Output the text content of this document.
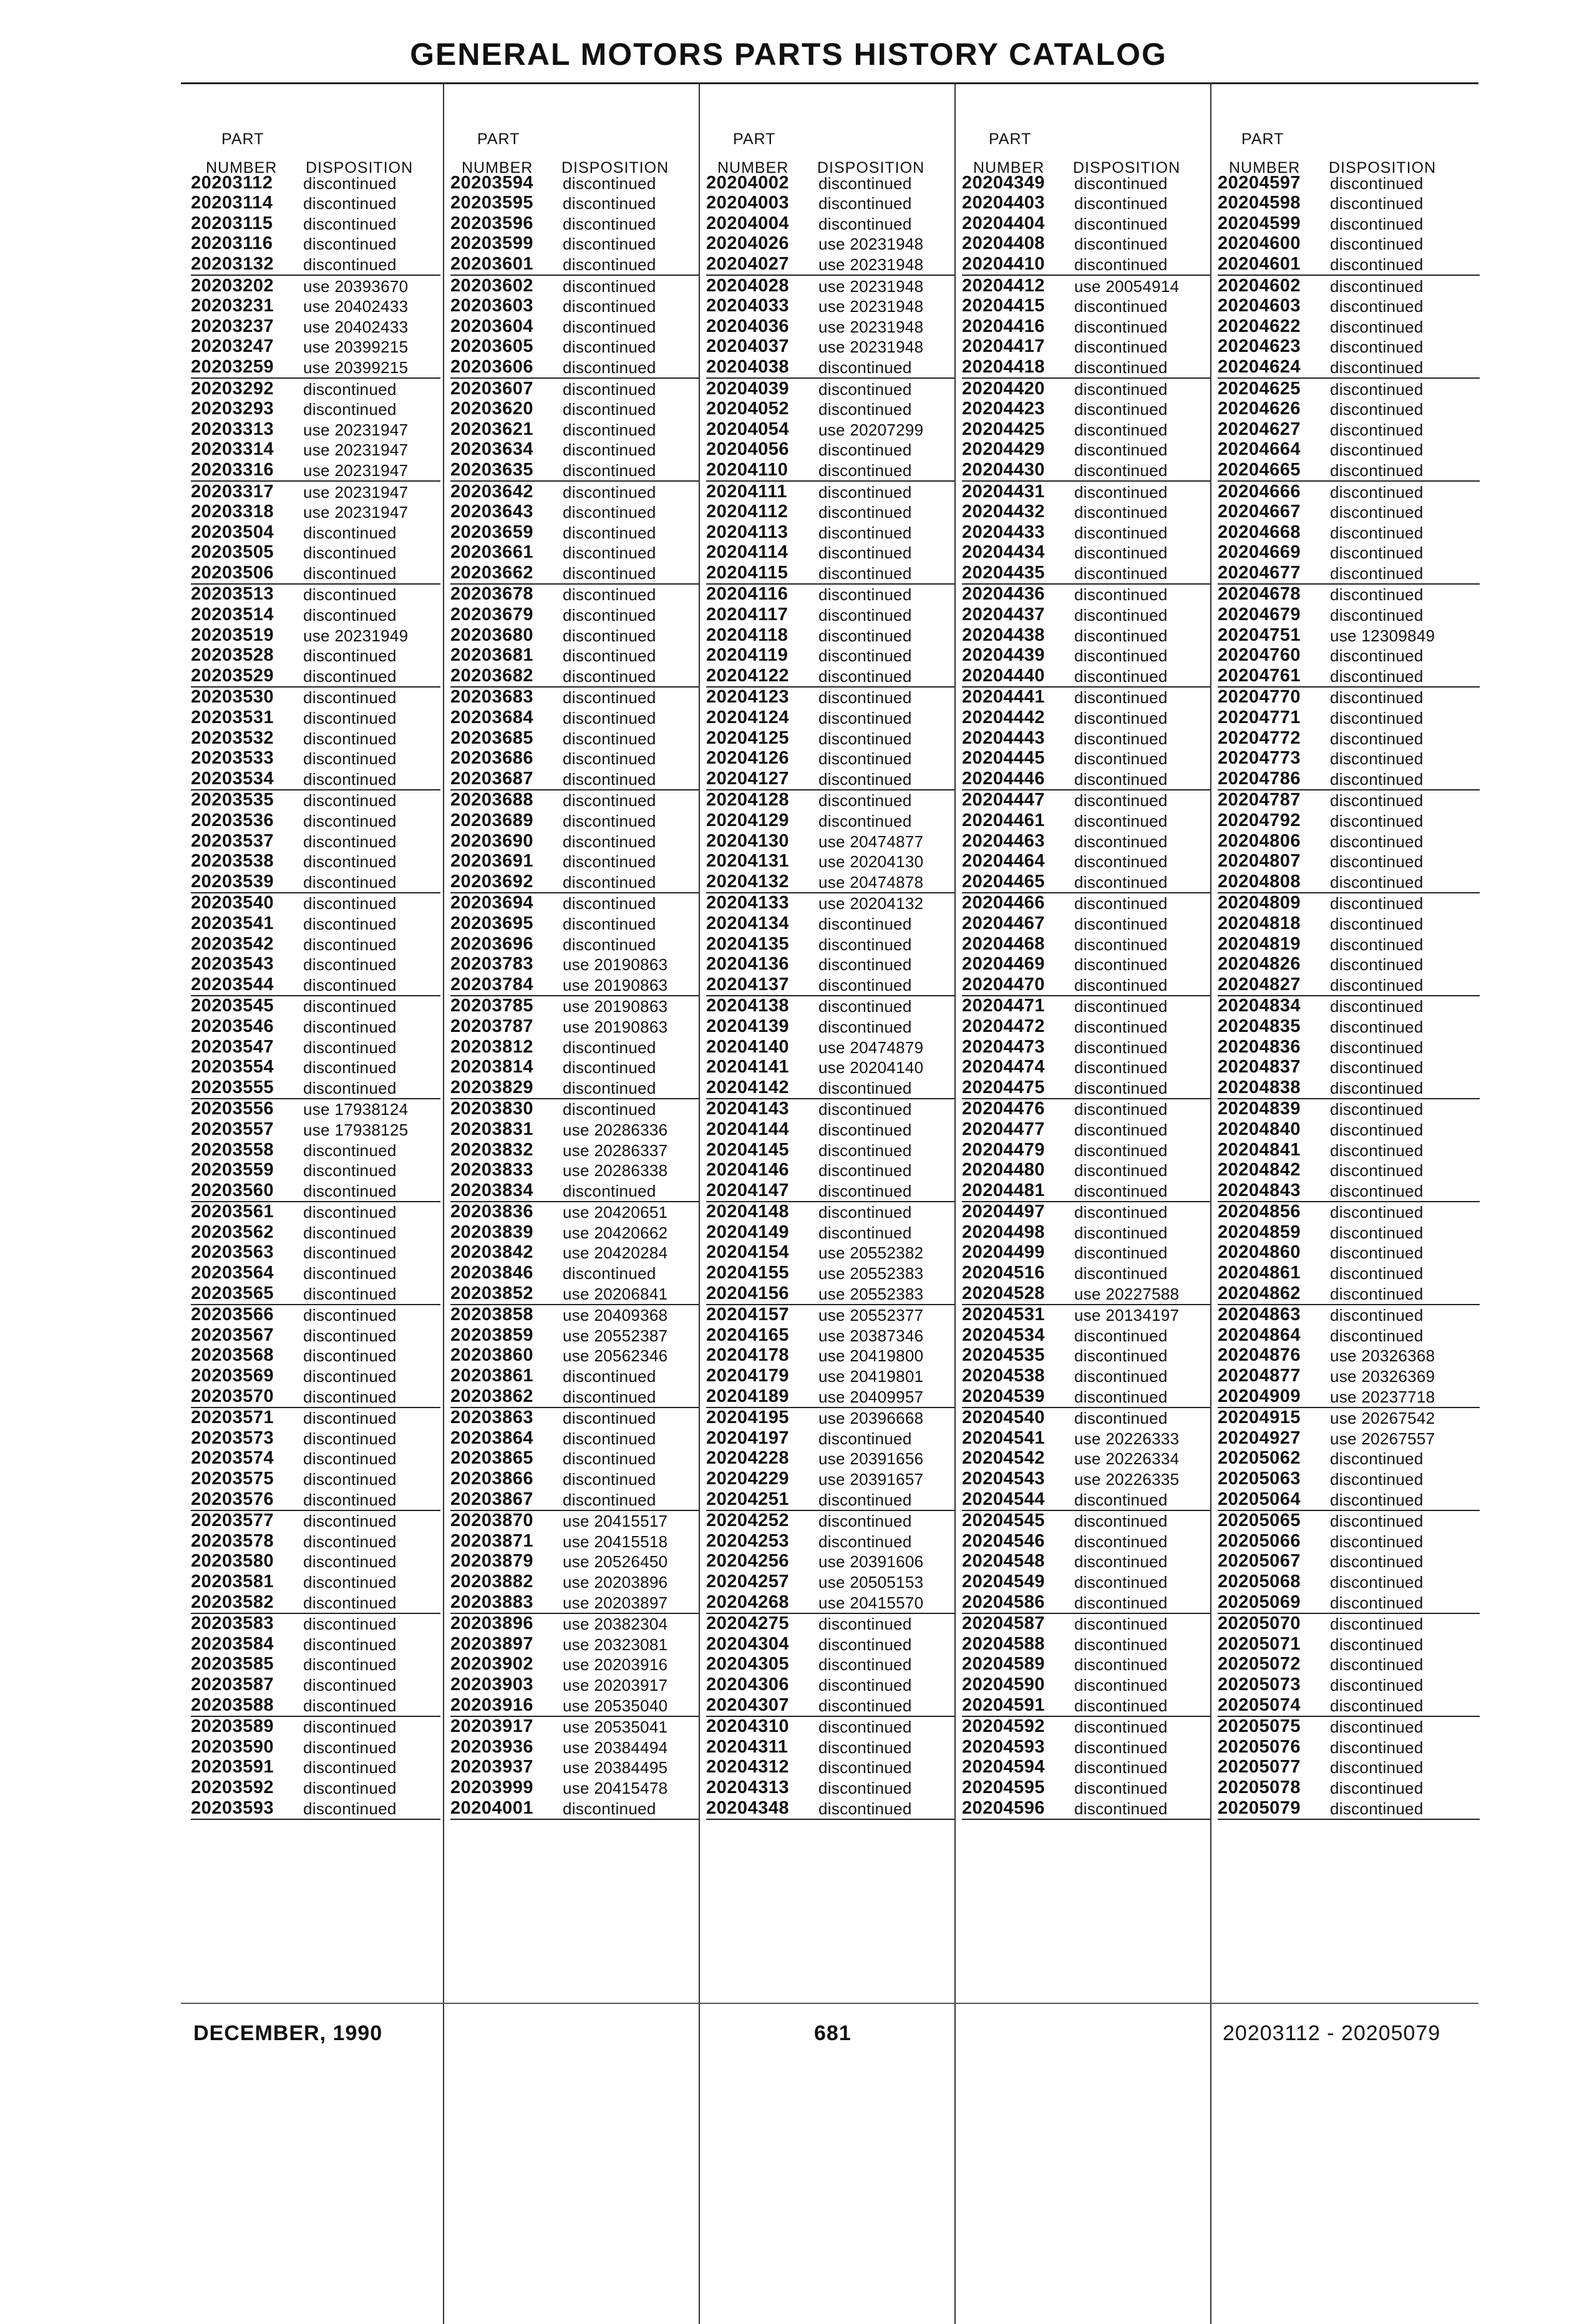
GENERAL MOTORS PARTS HISTORY CATALOG
PART
NUMBER DISPOSITION
20203112	discontinued
20203114	discontinued
20203115	discontinued
20203116	discontinued
20203132	discontinued
20203202	use 20393670
20203231	use 20402433
20203237	use 20402433
20203247	use 20399215
20203259	use 20399215
20203292	discontinued
20203293	discontinued
20203313	use 20231947
20203314	use 20231947
20203316	use 20231947
20203317	use 20231947
20203318	use 20231947
20203504	discontinued
20203505	discontinued
20203506	discontinued
20203513	discontinued
20203514	discontinued
20203519	use 20231949
20203528	discontinued
20203529	discontinued
20203530	discontinued
20203531	discontinued
20203532	discontinued
20203533	discontinued
20203534	discontinued
20203535	discontinued
20203536	discontinued
20203537	discontinued
20203538	discontinued
20203539	discontinued
20203540	discontinued
20203541	discontinued
20203542	discontinued
20203543	discontinued
20203544	discontinued
20203545	discontinued
20203546	discontinued
20203547	discontinued
20203554	discontinued
20203555	discontinued
20203556	use 17938124
20203557	use 17938125
20203558	discontinued
20203559	discontinued
20203560	discontinued
20203561	discontinued
20203562	discontinued
20203563	discontinued
20203564	discontinued
20203565	discontinued
20203566	discontinued
20203567	discontinued
20203568	discontinued
20203569	discontinued
20203570	discontinued
20203571	discontinued
20203573	discontinued
20203574	discontinued
20203575	discontinued
20203576	discontinued
20203577	discontinued
20203578	discontinued
20203580	discontinued
20203581	discontinued
20203582	discontinued
20203583	discontinued
20203584	discontinued
20203585	discontinued
20203587	discontinued
20203588	discontinued
20203589	discontinued
20203590	discontinued
20203591	discontinued
20203592	discontinued
20203593	discontinued
PART
NUMBER DISPOSITION
20203594	discontinued
20203595	discontinued
20203596	discontinued
20203599	discontinued
20203601	discontinued
20203602	discontinued
20203603	discontinued
20203604	discontinued
20203605	discontinued
20203606	discontinued
20203607	discontinued
20203620	discontinued
20203621	discontinued
20203634	discontinued
20203635	discontinued
20203642	discontinued
20203643	discontinued
20203659	discontinued
20203661	discontinued
20203662	discontinued
20203678	discontinued
20203679	discontinued
20203680	discontinued
20203681	discontinued
20203682	discontinued
20203683	discontinued
20203684	discontinued
20203685	discontinued
20203686	discontinued
20203687	discontinued
20203688	discontinued
20203689	discontinued
20203690	discontinued
20203691	discontinued
20203692	discontinued
20203694	discontinued
20203695	discontinued
20203696	discontinued
20203783	use 20190863
20203784	use 20190863
20203785	use 20190863
20203787	use 20190863
20203812	discontinued
20203814	discontinued
20203829	discontinued
20203830	discontinued
20203831	use 20286336
20203832	use 20286337
20203833	use 20286338
20203834	discontinued
20203836	use 20420651
20203839	use 20420662
20203842	use 20420284
20203846	discontinued
20203852	use 20206841
20203858	use 20409368
20203859	use 20552387
20203860	use 20562346
20203861	discontinued
20203862	discontinued
20203863	discontinued
20203864	discontinued
20203865	discontinued
20203866	discontinued
20203867	discontinued
20203870	use 20415517
20203871	use 20415518
20203879	use 20526450
20203882	use 20203896
20203883	use 20203897
20203896	use 20382304
20203897	use 20323081
20203902	use 20203916
20203903	use 20203917
20203916	use 20535040
20203917	use 20535041
20203936	use 20384494
20203937	use 20384495
20203999	use 20415478
20204001	discontinued
PART
NUMBER DISPOSITION
20204002	discontinued
20204003	discontinued
20204004	discontinued
20204026	use 20231948
20204027	use 20231948
20204028	use 20231948
20204033	use 20231948
20204036	use 20231948
20204037	use 20231948
20204038	discontinued
20204039	discontinued
20204052	discontinued
20204054	use 20207299
20204056	discontinued
20204110	discontinued
20204111	discontinued
20204112	discontinued
20204113	discontinued
20204114	discontinued
20204115	discontinued
20204116	discontinued
20204117	discontinued
20204118	discontinued
20204119	discontinued
20204122	discontinued
20204123	discontinued
20204124	discontinued
20204125	discontinued
20204126	discontinued
20204127	discontinued
20204128	discontinued
20204129	discontinued
20204130	use 20474877
20204131	use 20204130
20204132	use 20474878
20204133	use 20204132
20204134	discontinued
20204135	discontinued
20204136	discontinued
20204137	discontinued
20204138	discontinued
20204139	discontinued
20204140	use 20474879
20204141	use 20204140
20204142	discontinued
20204143	discontinued
20204144	discontinued
20204145	discontinued
20204146	discontinued
20204147	discontinued
20204148	discontinued
20204149	discontinued
20204154	use 20552382
20204155	use 20552383
20204156	use 20552383
20204157	use 20552377
20204165	use 20387346
20204178	use 20419800
20204179	use 20419801
20204189	use 20409957
20204195	use 20396668
20204197	discontinued
20204228	use 20391656
20204229	use 20391657
20204251	discontinued
20204252	discontinued
20204253	discontinued
20204256	use 20391606
20204257	use 20505153
20204268	use 20415570
20204275	discontinued
20204304	discontinued
20204305	discontinued
20204306	discontinued
20204307	discontinued
20204310	discontinued
20204311	discontinued
20204312	discontinued
20204313	discontinued
20204348	discontinued
PART
NUMBER DISPOSITION
20204349	discontinued
20204403	discontinued
20204404	discontinued
20204408	discontinued
20204410	discontinued
20204412	use 20054914
20204415	discontinued
20204416	discontinued
20204417	discontinued
20204418	discontinued
20204420	discontinued
20204423	discontinued
20204425	discontinued
20204429	discontinued
20204430	discontinued
20204431	discontinued
20204432	discontinued
20204433	discontinued
20204434	discontinued
20204435	discontinued
20204436	discontinued
20204437	discontinued
20204438	discontinued
20204439	discontinued
20204440	discontinued
20204441	discontinued
20204442	discontinued
20204443	discontinued
20204445	discontinued
20204446	discontinued
20204447	discontinued
20204461	discontinued
20204463	discontinued
20204464	discontinued
20204465	discontinued
20204466	discontinued
20204467	discontinued
20204468	discontinued
20204469	discontinued
20204470	discontinued
20204471	discontinued
20204472	discontinued
20204473	discontinued
20204474	discontinued
20204475	discontinued
20204476	discontinued
20204477	discontinued
20204479	discontinued
20204480	discontinued
20204481	discontinued
20204497	discontinued
20204498	discontinued
20204499	discontinued
20204516	discontinued
20204528	use 20227588
20204531	use 20134197
20204534	discontinued
20204535	discontinued
20204538	discontinued
20204539	discontinued
20204540	discontinued
20204541	use 20226333
20204542	use 20226334
20204543	use 20226335
20204544	discontinued
20204545	discontinued
20204546	discontinued
20204548	discontinued
20204549	discontinued
20204586	discontinued
20204587	discontinued
20204588	discontinued
20204589	discontinued
20204590	discontinued
20204591	discontinued
20204592	discontinued
20204593	discontinued
20204594	discontinued
20204595	discontinued
20204596	discontinued
PART
NUMBER DISPOSITION
20204597	discontinued
20204598	discontinued
20204599	discontinued
20204600	discontinued
20204601	discontinued
20204602	discontinued
20204603	discontinued
20204622	discontinued
20204623	discontinued
20204624	discontinued
20204625	discontinued
20204626	discontinued
20204627	discontinued
20204664	discontinued
20204665	discontinued
20204666	discontinued
20204667	discontinued
20204668	discontinued
20204669	discontinued
20204677	discontinued
20204678	discontinued
20204679	discontinued
20204751	use 12309849
20204760	discontinued
20204761	discontinued
20204770	discontinued
20204771	discontinued
20204772	discontinued
20204773	discontinued
20204786	discontinued
20204787	discontinued
20204792	discontinued
20204806	discontinued
20204807	discontinued
20204808	discontinued
20204809	discontinued
20204818	discontinued
20204819	discontinued
20204826	discontinued
20204827	discontinued
20204834	discontinued
20204835	discontinued
20204836	discontinued
20204837	discontinued
20204838	discontinued
20204839	discontinued
20204840	discontinued
20204841	discontinued
20204842	discontinued
20204843	discontinued
20204856	discontinued
20204859	discontinued
20204860	discontinued
20204861	discontinued
20204862	discontinued
20204863	discontinued
20204864	discontinued
20204876	use 20326368
20204877	use 20326369
20204909	use 20237718
20204915	use 20267542
20204927	use 20267557
20205062	discontinued
20205063	discontinued
20205064	discontinued
20205065	discontinued
20205066	discontinued
20205067	discontinued
20205068	discontinued
20205069	discontinued
20205070	discontinued
20205071	discontinued
20205072	discontinued
20205073	discontinued
20205074	discontinued
20205075	discontinued
20205076	discontinued
20205077	discontinued
20205078	discontinued
20205079	discontinued
DECEMBER, 1990	681	20203112 - 20205079
